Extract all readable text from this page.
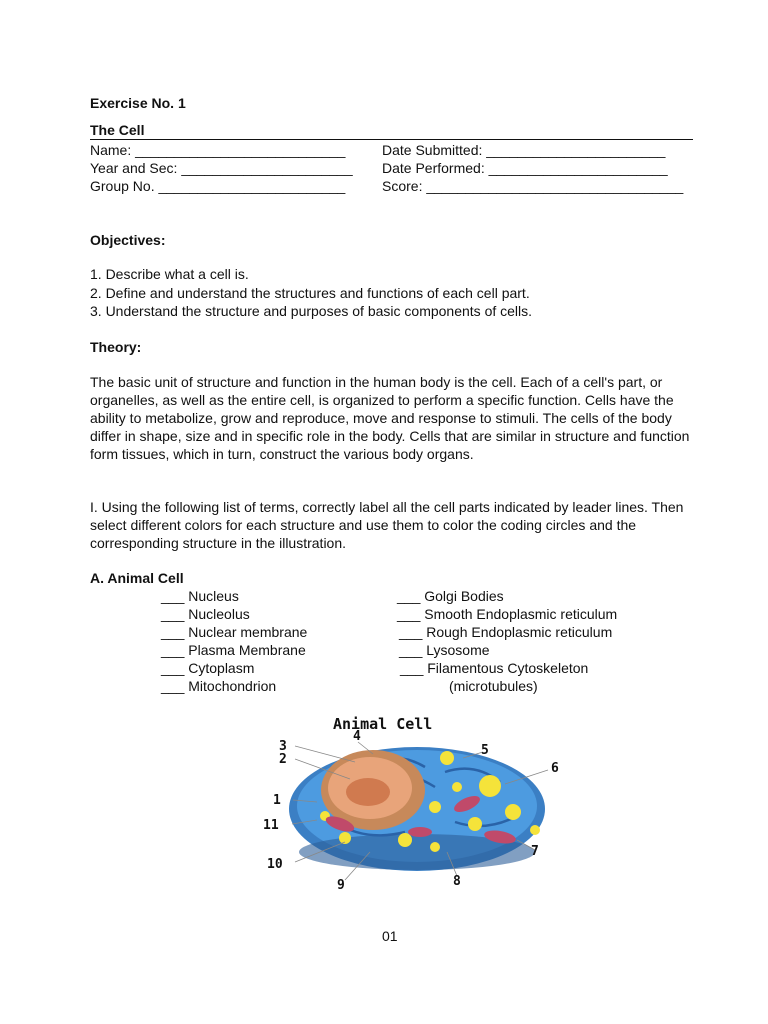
Exercise No. 1
The Cell
Name: ___________________________	Date Submitted: _______________________
Year and Sec: ______________________ Date Performed: _______________________
Group No. ________________________	Score: _________________________________
Objectives:
1. Describe what a cell is.
2. Define and understand the structures and functions of each cell part.
3. Understand the structure and purposes of basic components of cells.
Theory:
The basic unit of structure and function in the human body is the cell. Each of a cell's part, or organelles, as well as the entire cell, is organized to perform a specific function. Cells have the ability to metabolize, grow and reproduce, move and response to stimuli. The cells of the body differ in shape, size and in specific role in the body. Cells that are similar in structure and function form tissues, which in turn, construct the various body organs.
I. Using the following list of terms, correctly label all the cell parts indicated by leader lines. Then select different colors for each structure and use them to color the coding circles and the corresponding structure in the illustration.
A. Animal Cell
___ Nucleus
___ Nucleolus
___ Nuclear membrane
___ Plasma Membrane
___ Cytoplasm
___ Mitochondrion
___ Golgi Bodies
___ Smooth Endoplasmic reticulum
___ Rough Endoplasmic reticulum
___ Lysosome
___ Filamentous Cytoskeleton
(microtubules)
Animal Cell
1
2
3
4
5
6
7
8
9
10
11
01
